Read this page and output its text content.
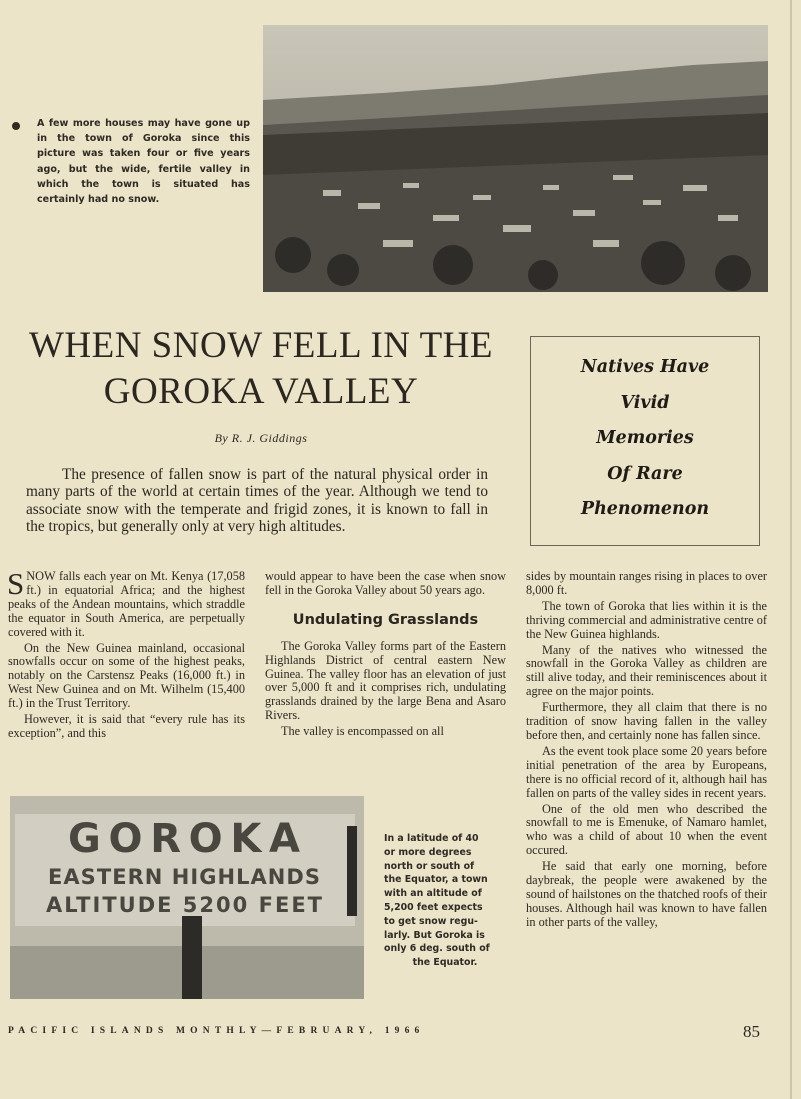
A few more houses may have gone up in the town of Goroka since this picture was taken four or five years ago, but the wide, fertile valley in which the town is situated has certainly had no snow.
WHEN SNOW FELL IN THE GOROKA VALLEY
By R. J. Giddings
The presence of fallen snow is part of the natural physical order in many parts of the world at certain times of the year. Although we tend to associate snow with the temperate and frigid zones, it is known to fall in the tropics, but generally only at very high altitudes.
Natives Have
Vivid
Memories
Of Rare
Phenomenon

SNOW falls each year on Mt. Kenya (17,058 ft.) in equatorial Africa; and the highest peaks of the Andean mountains, which straddle the equator in South America, are perpetually covered with it.

On the New Guinea mainland, occasional snowfalls occur on some of the highest peaks, notably on the Carstensz Peaks (16,000 ft.) in West New Guinea and on Mt. Wilhelm (15,400 ft.) in the Trust Territory.

However, it is said that “every rule has its exception”, and this

would appear to have been the case when snow fell in the Goroka Valley about 50 years ago.

Undulating Grasslands

The Goroka Valley forms part of the Eastern Highlands District of central eastern New Guinea. The valley floor has an elevation of just over 5,000 ft and it comprises rich, undulating grasslands drained by the large Bena and Asaro Rivers.

The valley is encompassed on all

sides by mountain ranges rising in places to over 8,000 ft.

The town of Goroka that lies within it is the thriving commercial and administrative centre of the New Guinea highlands.

Many of the natives who witnessed the snowfall in the Goroka Valley as children are still alive today, and their reminiscences about it agree on the major points.

Furthermore, they all claim that there is no tradition of snow having fallen in the valley before then, and certainly none has fallen since.

As the event took place some 20 years before initial penetration of the area by Europeans, there is no official record of it, although hail has fallen on parts of the valley sides in recent years.

One of the old men who described the snowfall to me is Emenuke, of Namaro hamlet, who was a child of about 10 when the event occured.

He said that early one morning, before daybreak, the people were awakened by the sound of hailstones on the thatched roofs of their houses. Although hail was known to have fallen in other parts of the valley,

GOROKA
EASTERN HIGHLANDS
ALTITUDE 5200 FEET
In a latitude of 40
or more degrees
north or south of
the Equator, a town
with an altitude of
5,200 feet expects
to get snow regu-
larly. But Goroka is
only 6 deg. south of
the Equator.
PACIFIC ISLANDS MONTHLY—FEBRUARY, 1966	85
